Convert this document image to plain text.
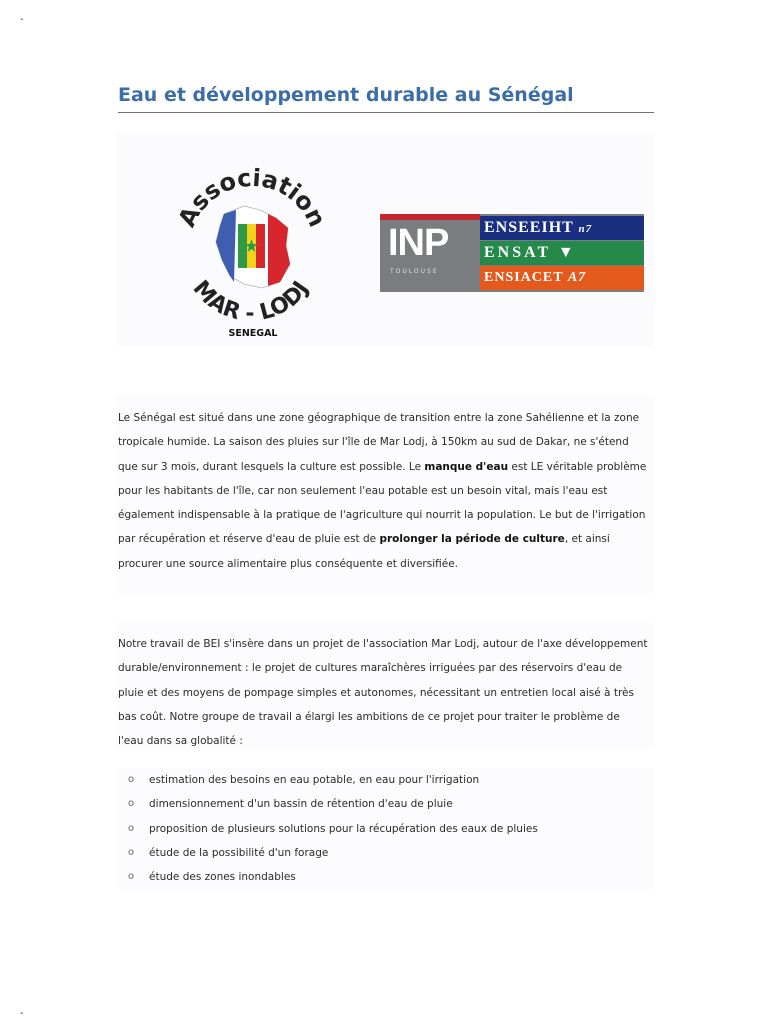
-
-
Eau et développement durable au Sénégal
Associatio
MAR - LODJ
SENEGAL
INP
TOULOUSE
ENSEEIHT n7
ENSAT ▼
ENSIACET A7

Le Sénégal est situé dans une zone géographique de transition entre la zone Sahélienne et la zone tropicale humide. La saison des pluies sur l'île de Mar Lodj, à 150km au sud de Dakar, ne s'étend que sur 3 mois, durant lesquels la culture est possible. Le manque d'eau est LE véritable problème pour les habitants de l'île, car non seulement l'eau potable est un besoin vital, mais l'eau est également indispensable à la pratique de l'agriculture qui nourrit la population. Le but de l'irrigation par récupération et réserve d'eau de pluie est de prolonger la période de culture, et ainsi procurer une source alimentaire plus conséquente et diversifiée.

Notre travail de BEI s'insère dans un projet de l'association Mar Lodj, autour de l'axe développement durable/environnement : le projet de cultures maraîchères irriguées par des réservoirs d'eau de pluie et des moyens de pompage simples et autonomes, nécessitant un entretien local aisé à très bas coût. Notre groupe de travail a élargi les ambitions de ce projet pour traiter le problème de l'eau dans sa globalité :

o estimation des besoins en eau potable, en eau pour l'irrigation
o dimensionnement d'un bassin de rétention d'eau de pluie
o proposition de plusieurs solutions pour la récupération des eaux de pluies
o étude de la possibilité d'un forage
o étude des zones inondables
